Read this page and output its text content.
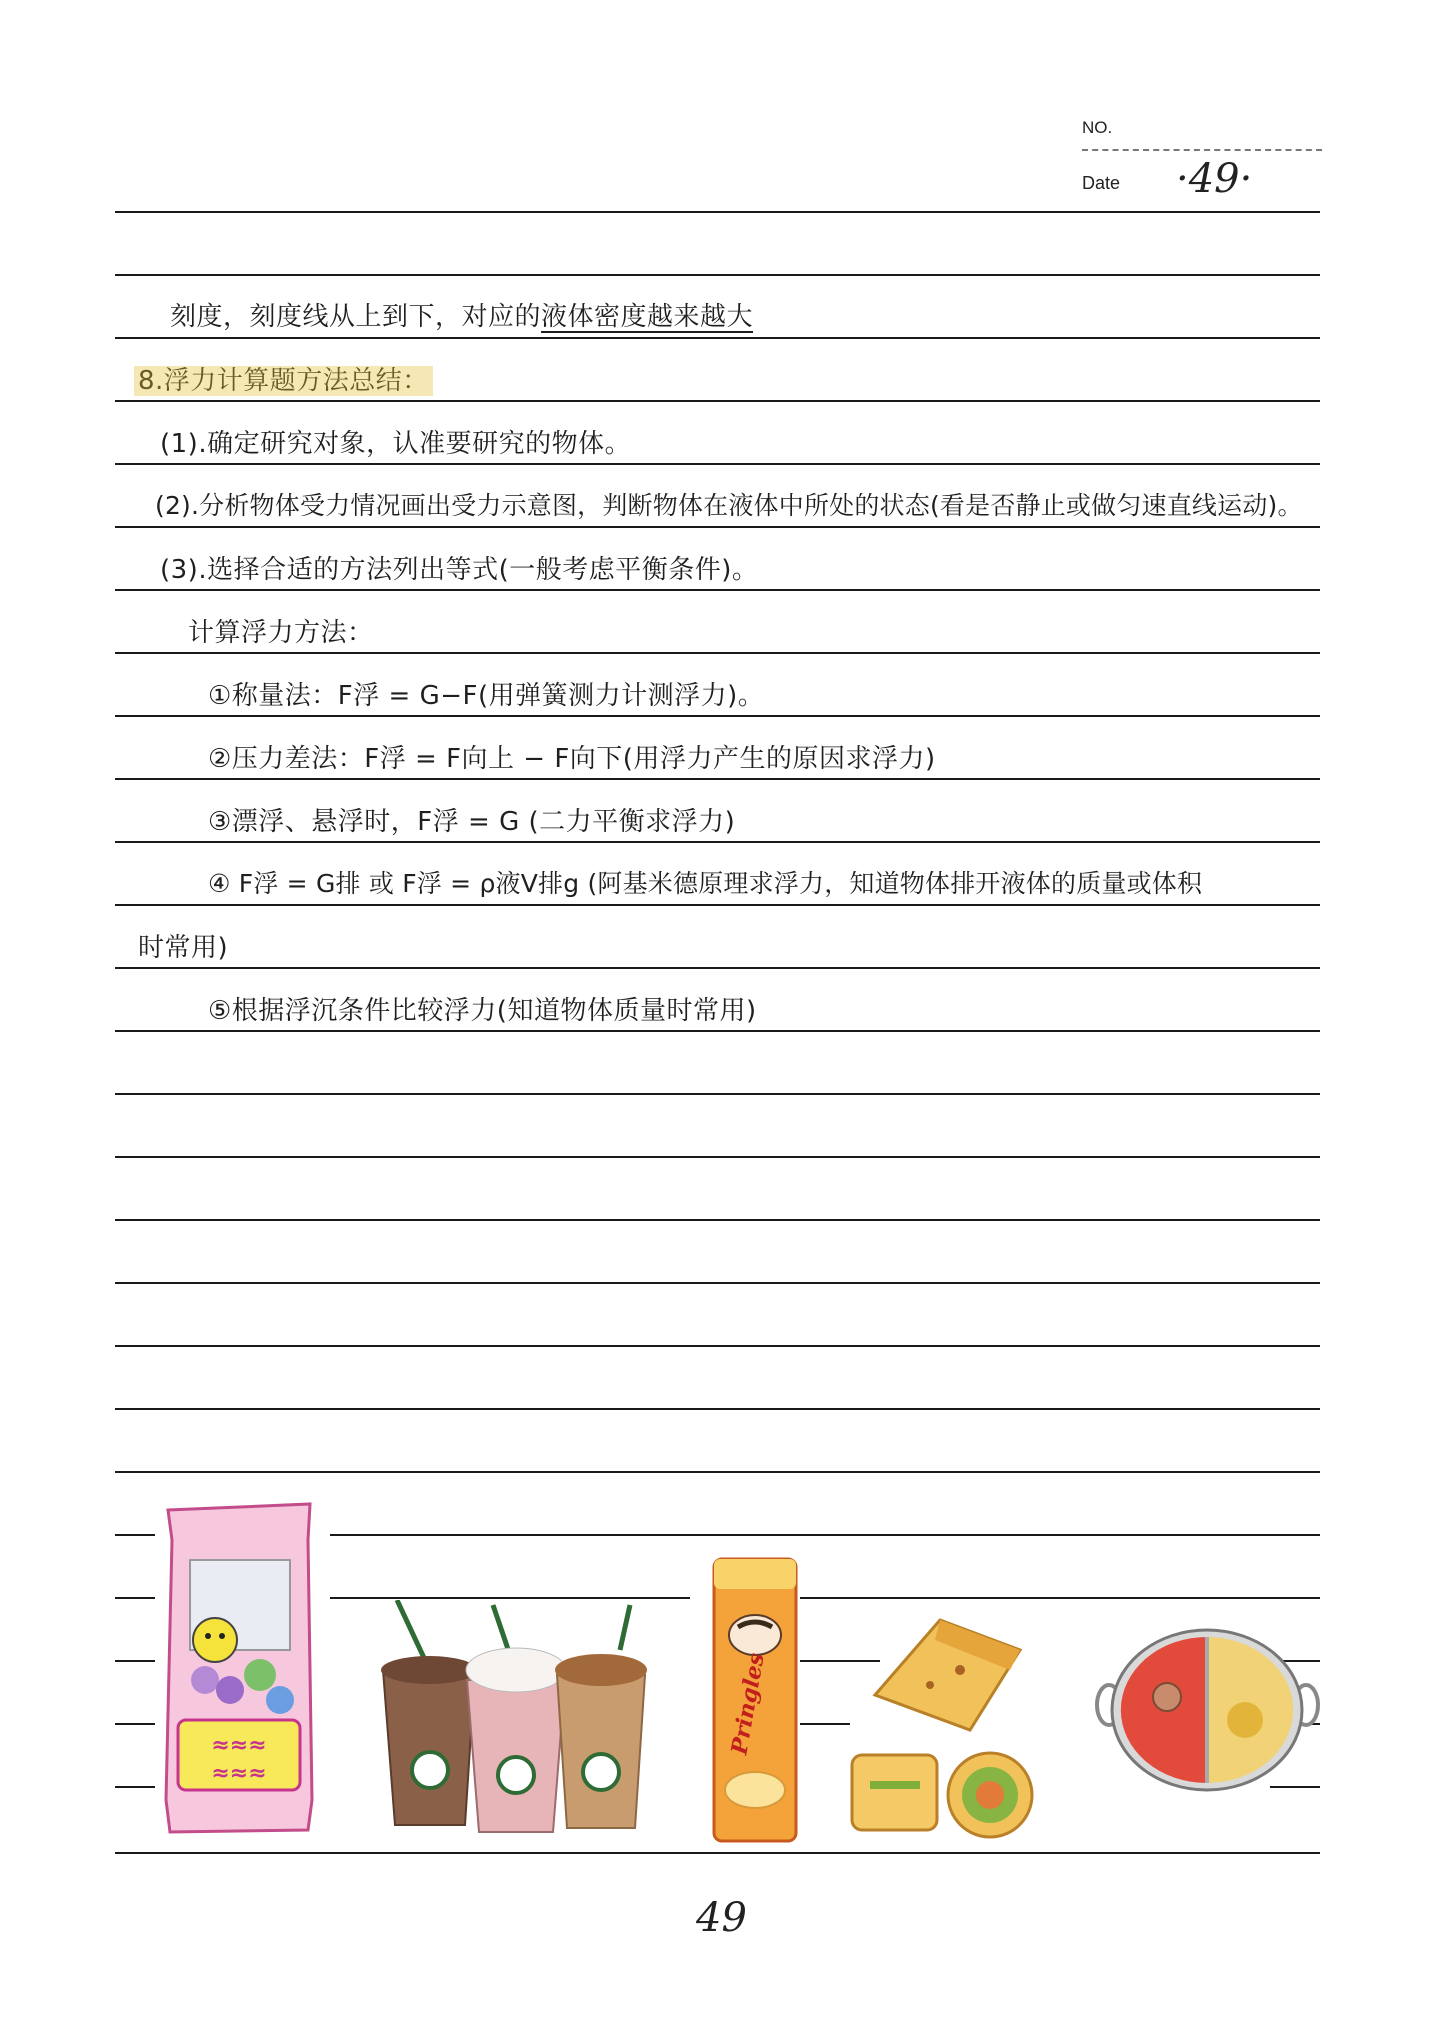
NO.
Date ·49·
刻度，刻度线从上到下，对应的液体密度越来越大
8.浮力计算题方法总结：
(1).确定研究对象，认准要研究的物体。
(2).分析物体受力情况画出受力示意图，判断物体在液体中所处的状态(看是否静止或做匀速直线运动)。
(3).选择合适的方法列出等式(一般考虑平衡条件)。
计算浮力方法：
①称量法：F浮 = G−F(用弹簧测力计测浮力)。
②压力差法：F浮 = F向上 − F向下(用浮力产生的原因求浮力)
③漂浮、悬浮时，F浮 = G (二力平衡求浮力)
④ F浮 = G排 或 F浮 = ρ液V排g (阿基米德原理求浮力，知道物体排开液体的质量或体积
时常用)
⑤根据浮沉条件比较浮力(知道物体质量时常用)
≈≈≈
≈≈≈
Pringles
49
